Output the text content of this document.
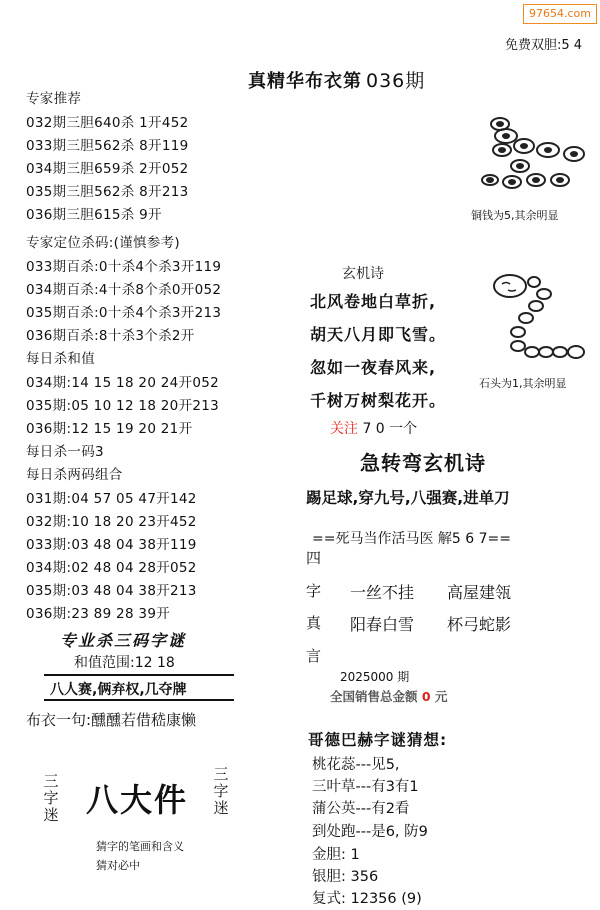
97654.com
免费双胆:5 4
真精华布衣第 036期
专家推荐
032期三胆640杀 1开452
033期三胆562杀 8开119
034期三胆659杀 2开052
035期三胆562杀 8开213
036期三胆615杀 9开
专家定位杀码:(谨慎参考)
033期百杀:0十杀4个杀3开119
034期百杀:4十杀8个杀0开052
035期百杀:0十杀4个杀3开213
036期百杀:8十杀3个杀2开
每日杀和值
034期:14 15 18 20 24开052
035期:05 10 12 18 20开213
036期:12 15 19 20 21开
每日杀一码3
每日杀两码组合
031期:04 57 05 47开142
032期:10 18 20 23开452
033期:03 48 04 38开119
034期:02 48 04 28开052
035期:03 48 04 38开213
036期:23 89 28 39开
专业杀三码字谜
和值范围:12 18
八人赛,俩弃权,几夺牌
布衣一句:醺醺若借嵇康懒
三字迷 八大件
三字迷
猜字的笔画和含义
猜对必中
铜钱为5,其余明显
石头为1,其余明显
玄机诗
北风卷地白草折,
胡天八月即飞雪。
忽如一夜春风来,
千树万树梨花开。
关注 7 0 一个
急转弯玄机诗
踢足球,穿九号,八强赛,进单刀
==死马当作活马医 解5 6 7==
四
字
真
言
一丝不挂 高屋建瓴
阳春白雪 杯弓蛇影
2025000 期
全国销售总金额 0 元
哥德巴赫字谜猜想:
桃花蕊---见5,
三叶草---有3有1
蒲公英---有2看
到处跑---是6, 防9
金胆: 1
银胆: 356
复式: 12356 (9)
